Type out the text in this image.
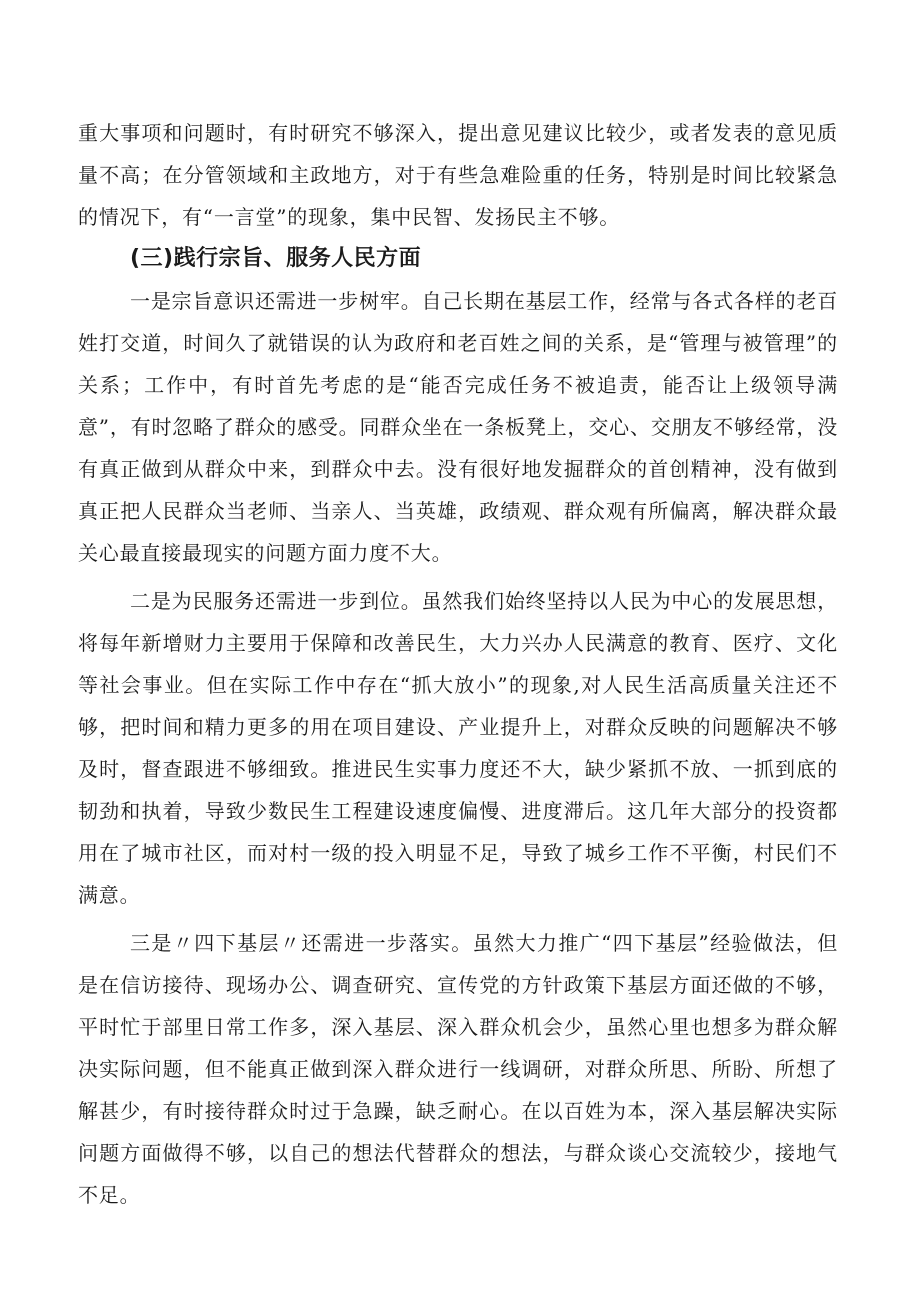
重大事项和问题时，有时研究不够深入，提出意见建议比较少，或者发表的意见质量不高；在分管领域和主政地方，对于有些急难险重的任务，特别是时间比较紧急的情况下，有“一言堂”的现象，集中民智、发扬民主不够。

(三)践行宗旨、服务人民方面

一是宗旨意识还需进一步树牢。自己长期在基层工作，经常与各式各样的老百姓打交道，时间久了就错误的认为政府和老百姓之间的关系，是“管理与被管理”的关系；工作中，有时首先考虑的是“能否完成任务不被追责，能否让上级领导满意”，有时忽略了群众的感受。同群众坐在一条板凳上，交心、交朋友不够经常，没有真正做到从群众中来，到群众中去。没有很好地发掘群众的首创精神，没有做到真正把人民群众当老师、当亲人、当英雄，政绩观、群众观有所偏离，解决群众最关心最直接最现实的问题方面力度不大。

二是为民服务还需进一步到位。虽然我们始终坚持以人民为中心的发展思想，将每年新增财力主要用于保障和改善民生，大力兴办人民满意的教育、医疗、文化等社会事业。但在实际工作中存在“抓大放小”的现象,对人民生活高质量关注还不够，把时间和精力更多的用在项目建设、产业提升上，对群众反映的问题解决不够及时，督查跟进不够细致。推进民生实事力度还不大，缺少紧抓不放、一抓到底的韧劲和执着，导致少数民生工程建设速度偏慢、进度滞后。这几年大部分的投资都用在了城市社区，而对村一级的投入明显不足，导致了城乡工作不平衡，村民们不满意。

三是〃四下基层〃还需进一步落实。虽然大力推广“四下基层”经验做法，但是在信访接待、现场办公、调查研究、宣传党的方针政策下基层方面还做的不够，平时忙于部里日常工作多，深入基层、深入群众机会少，虽然心里也想多为群众解决实际问题，但不能真正做到深入群众进行一线调研，对群众所思、所盼、所想了解甚少，有时接待群众时过于急躁，缺乏耐心。在以百姓为本，深入基层解决实际问题方面做得不够，以自己的想法代替群众的想法，与群众谈心交流较少，接地气不足。
